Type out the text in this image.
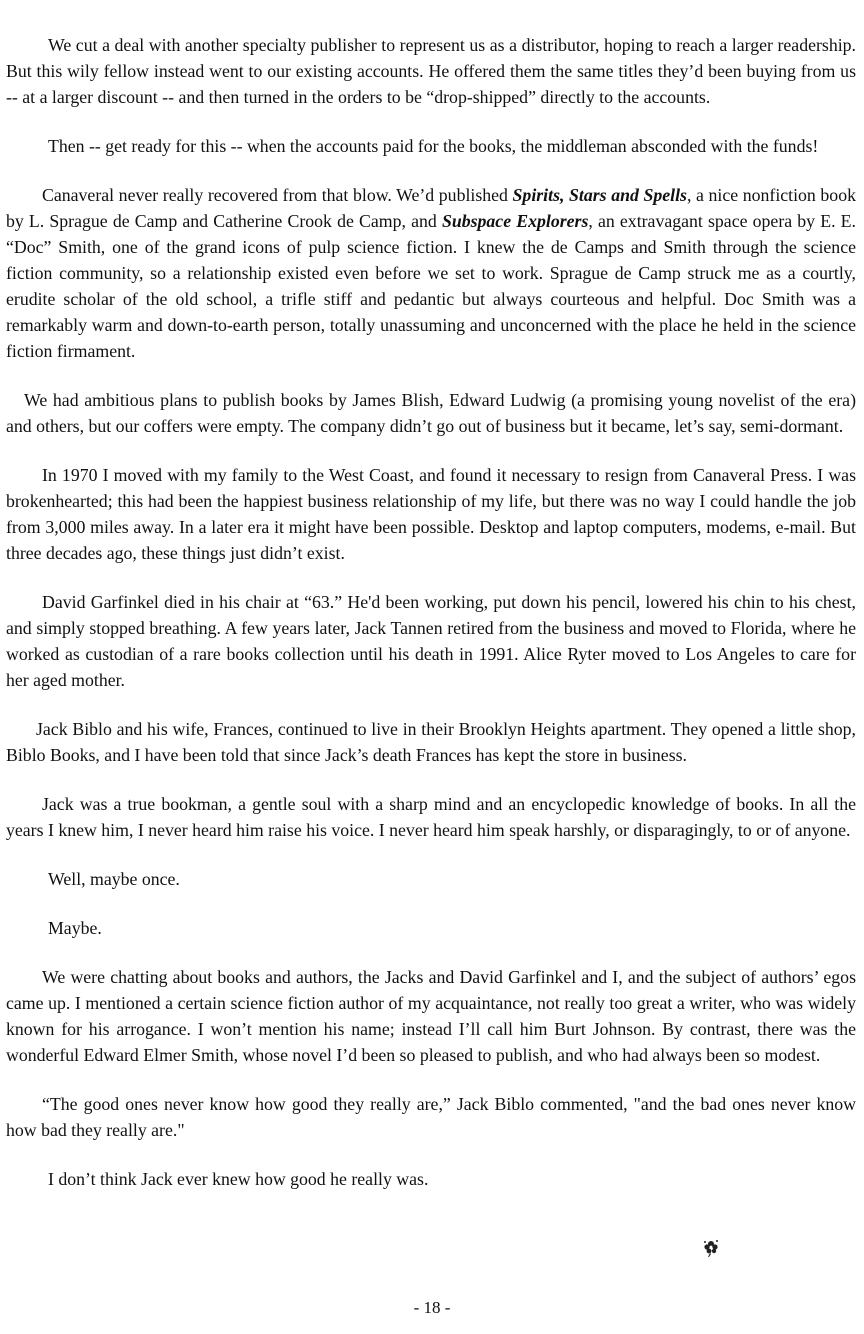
We cut a deal with another specialty publisher to represent us as a distributor, hoping to reach a larger readership. But this wily fellow instead went to our existing accounts. He offered them the same titles they’d been buying from us -- at a larger discount -- and then turned in the orders to be “drop-shipped” directly to the accounts.

Then -- get ready for this -- when the accounts paid for the books, the middleman absconded with the funds!

Canaveral never really recovered from that blow. We’d published Spirits, Stars and Spells, a nice nonfiction book by L. Sprague de Camp and Catherine Crook de Camp, and Subspace Explorers, an extravagant space opera by E. E. “Doc” Smith, one of the grand icons of pulp science fiction. I knew the de Camps and Smith through the science fiction community, so a relationship existed even before we set to work. Sprague de Camp struck me as a courtly, erudite scholar of the old school, a trifle stiff and pedantic but always courteous and helpful. Doc Smith was a remarkably warm and down-to-earth person, totally unassuming and unconcerned with the place he held in the science fiction firmament.

We had ambitious plans to publish books by James Blish, Edward Ludwig (a promising young novelist of the era) and others, but our coffers were empty. The company didn’t go out of business but it became, let’s say, semi-dormant.

In 1970 I moved with my family to the West Coast, and found it necessary to resign from Canaveral Press. I was brokenhearted; this had been the happiest business relationship of my life, but there was no way I could handle the job from 3,000 miles away. In a later era it might have been possible. Desktop and laptop computers, modems, e-mail. But three decades ago, these things just didn’t exist.

David Garfinkel died in his chair at “63.” He'd been working, put down his pencil, lowered his chin to his chest, and simply stopped breathing. A few years later, Jack Tannen retired from the business and moved to Florida, where he worked as custodian of a rare books collection until his death in 1991. Alice Ryter moved to Los Angeles to care for her aged mother.

Jack Biblo and his wife, Frances, continued to live in their Brooklyn Heights apartment. They opened a little shop, Biblo Books, and I have been told that since Jack’s death Frances has kept the store in business.

Jack was a true bookman, a gentle soul with a sharp mind and an encyclopedic knowledge of books. In all the years I knew him, I never heard him raise his voice. I never heard him speak harshly, or disparagingly, to or of anyone.

Well, maybe once.

Maybe.

We were chatting about books and authors, the Jacks and David Garfinkel and I, and the subject of authors’ egos came up. I mentioned a certain science fiction author of my acquaintance, not really too great a writer, who was widely known for his arrogance. I won’t mention his name; instead I’ll call him Burt Johnson. By contrast, there was the wonderful Edward Elmer Smith, whose novel I’d been so pleased to publish, and who had always been so modest.

“The good ones never know how good they really are,” Jack Biblo commented, "and the bad ones never know how bad they really are."

I don’t think Jack ever knew how good he really was.

- 18 -
